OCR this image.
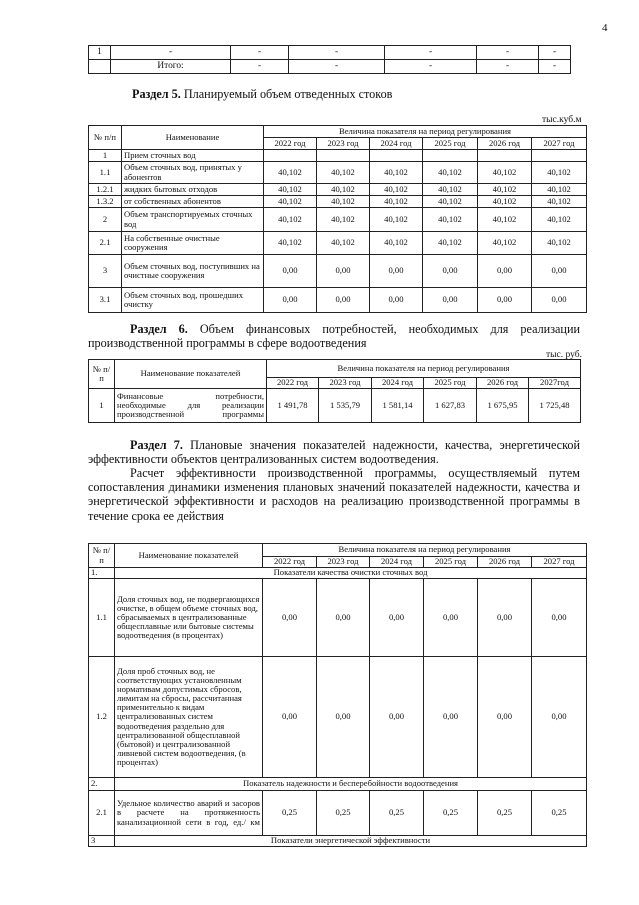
4
1	-	-	-	-	-	-
	Итого:	-	-	-	-	-
Раздел 5. Планируемый объем отведенных стоков
тыс.куб.м
№ п/п	Наименование	Величина показателя на период регулирования					
		2022 год	2023 год	2024 год	2025 год	2026 год	2027 год
1	Прием сточных вод						
1.1	Объем сточных вод, принятых у абонентов	40,102	40,102	40,102	40,102	40,102	40,102
1.2.1	жидких бытовых отходов	40,102	40,102	40,102	40,102	40,102	40,102
1.3.2	от собственных абонентов	40,102	40,102	40,102	40,102	40,102	40,102
2	Объем транспортируемых сточных вод	40,102	40,102	40,102	40,102	40,102	40,102
2.1	На собственные очистные сооружения	40,102	40,102	40,102	40,102	40,102	40,102
3	Объем сточных вод, поступивших на очистные сооружения	0,00	0,00	0,00	0,00	0,00	0,00
3.1	Объем сточных вод, прошедших очистку	0,00	0,00	0,00	0,00	0,00	0,00
Раздел 6. Объем финансовых потребностей, необходимых для реализации производственной программы в сфере водоотведения
тыс. руб.
№ п/п	Наименование показателей	Величина показателя на период регулирования					
		2022 год	2023 год	2024 год	2025 год	2026 год	2027год
1	Финансовые потребности, необходимые для реализации производственной программы	1 491,78	1 535,79	1 581,14	1 627,83	1 675,95	1 725,48
Раздел 7. Плановые значения показателей надежности, качества, энергетической эффективности объектов централизованных систем водоотведения.
Расчет эффективности производственной программы, осуществляемый путем сопоставления динамики изменения плановых значений показателей надежности, качества и энергетической эффективности и расходов на реализацию производственной программы в течение срока ее действия
№ п/п	Наименование показателей	Величина показателя на период регулирования					
		2022 год	2023 год	2024 год	2025 год	2026 год	2027 год
1.	Показатели качества очистки сточных вод						
1.1	Доля сточных вод, не подвергающихся очистке, в общем объеме сточных вод, сбрасываемых в централизованные общесплавные или бытовые системы водоотведения (в процентах)	0,00	0,00	0,00	0,00	0,00	0,00
1.2	Доля проб сточных вод, не соответствующих установленным нормативам допустимых сбросов, лимитам на сбросы, рассчитанная применительно к видам централизованных систем водоотведения раздельно для централизованной общесплавной (бытовой) и централизованной ливневой систем водоотведения, (в процентах)	0,00	0,00	0,00	0,00	0,00	0,00
2.	Показатель надежности и бесперебойности водоотведения						
2.1	Удельное количество аварий и засоров в расчете на протяженность канализационной сети в год, ед./ км	0,25	0,25	0,25	0,25	0,25	0,25
3	Показатели энергетической эффективности						
